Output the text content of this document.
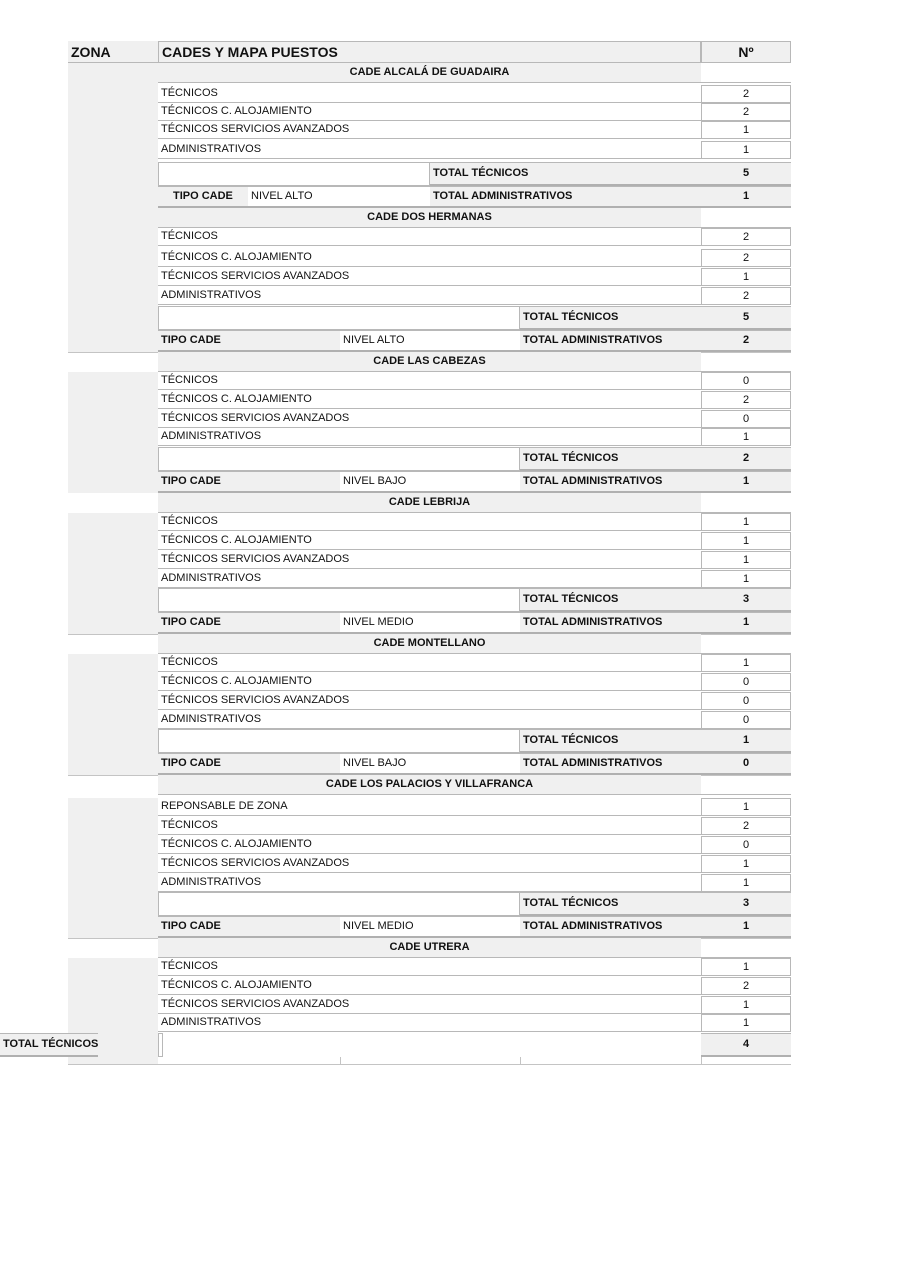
ZONA	CADES Y MAPA PUESTOS	Nº
CADE ALCALÁ DE GUADAIRA
TÉCNICOS	2
TÉCNICOS C. ALOJAMIENTO	2
TÉCNICOS SERVICIOS AVANZADOS	1
ADMINISTRATIVOS	1
TOTAL TÉCNICOS	5
TIPO CADE	NIVEL ALTO	TOTAL ADMINISTRATIVOS	1
CADE DOS HERMANAS
TÉCNICOS	2
TÉCNICOS C. ALOJAMIENTO	2
TÉCNICOS SERVICIOS AVANZADOS	1
ADMINISTRATIVOS	2
TOTAL TÉCNICOS	5
TIPO CADE	NIVEL ALTO	TOTAL ADMINISTRATIVOS	2
CADE LAS CABEZAS
TÉCNICOS	0
TÉCNICOS C. ALOJAMIENTO	2
TÉCNICOS SERVICIOS AVANZADOS	0
ADMINISTRATIVOS	1
TOTAL TÉCNICOS	2
TIPO CADE	NIVEL BAJO	TOTAL ADMINISTRATIVOS	1
CADE LEBRIJA
TÉCNICOS	1
TÉCNICOS C. ALOJAMIENTO	1
TÉCNICOS SERVICIOS AVANZADOS	1
ADMINISTRATIVOS	1
TOTAL TÉCNICOS	3
TIPO CADE	NIVEL MEDIO	TOTAL ADMINISTRATIVOS	1
CADE MONTELLANO
TÉCNICOS	1
TÉCNICOS C. ALOJAMIENTO	0
TÉCNICOS SERVICIOS AVANZADOS	0
ADMINISTRATIVOS	0
TOTAL TÉCNICOS	1
TIPO CADE	NIVEL BAJO	TOTAL ADMINISTRATIVOS	0
CADE LOS PALACIOS Y VILLAFRANCA
REPONSABLE DE ZONA	1
TÉCNICOS	2
TÉCNICOS C. ALOJAMIENTO	0
TÉCNICOS SERVICIOS AVANZADOS	1
ADMINISTRATIVOS	1
TOTAL TÉCNICOS	3
TIPO CADE	NIVEL MEDIO	TOTAL ADMINISTRATIVOS	1
CADE UTRERA
TÉCNICOS	1
TÉCNICOS C. ALOJAMIENTO	2
TÉCNICOS SERVICIOS AVANZADOS	1
ADMINISTRATIVOS	1
TOTAL TÉCNICOS	4
